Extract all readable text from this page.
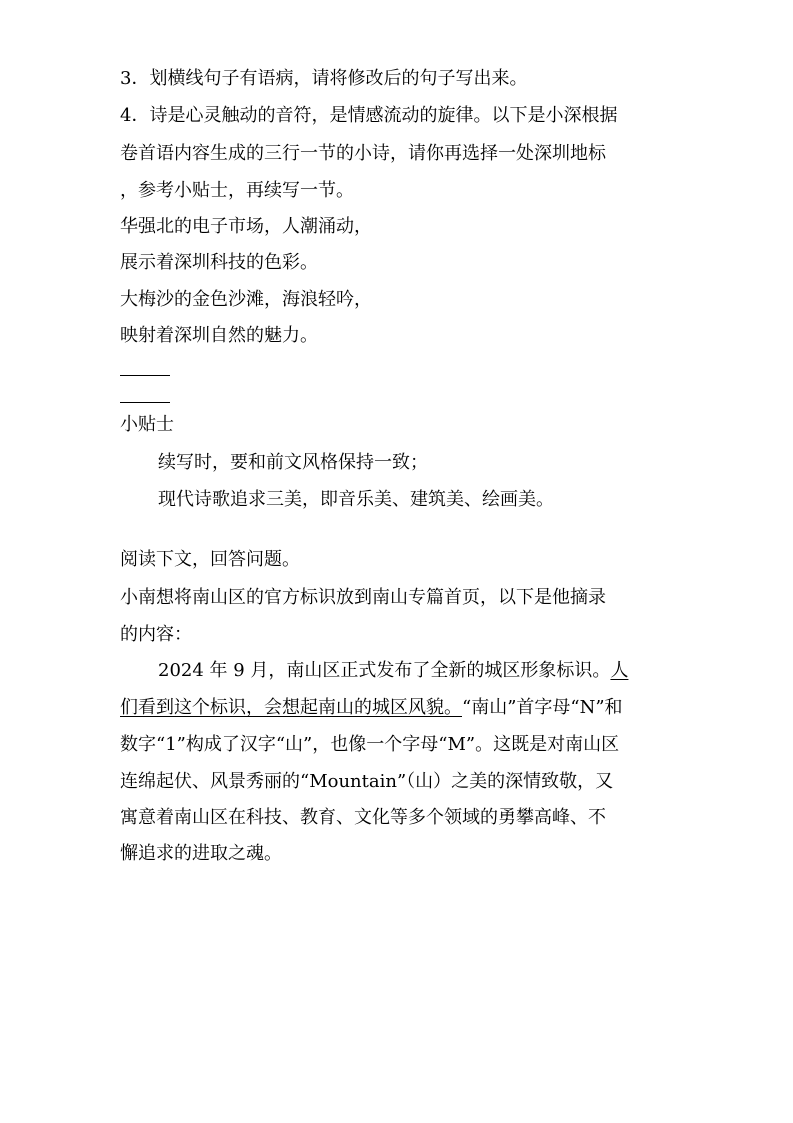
3．划横线句子有语病，请将修改后的句子写出来。
4．诗是心灵触动的音符，是情感流动的旋律。以下是小深根据
卷首语内容生成的三行一节的小诗，请你再选择一处深圳地标
，参考小贴士，再续写一节。
华强北的电子市场，人潮涌动，
展示着深圳科技的色彩。
大梅沙的金色沙滩，海浪轻吟，
映射着深圳自然的魅力。
小贴士
续写时，要和前文风格保持一致；
现代诗歌追求三美，即音乐美、建筑美、绘画美。
阅读下文，回答问题。
小南想将南山区的官方标识放到南山专篇首页，以下是他摘录
的内容：
2024 年 9 月，南山区正式发布了全新的城区形象标识。人
们看到这个标识，会想起南山的城区风貌。“南山”首字母“N”和
数字“1”构成了汉字“山”，也像一个字母“M”。这既是对南山区
连绵起伏、风景秀丽的“Mountain”（山）之美的深情致敬，又
寓意着南山区在科技、教育、文化等多个领域的勇攀高峰、不
懈追求的进取之魂。
